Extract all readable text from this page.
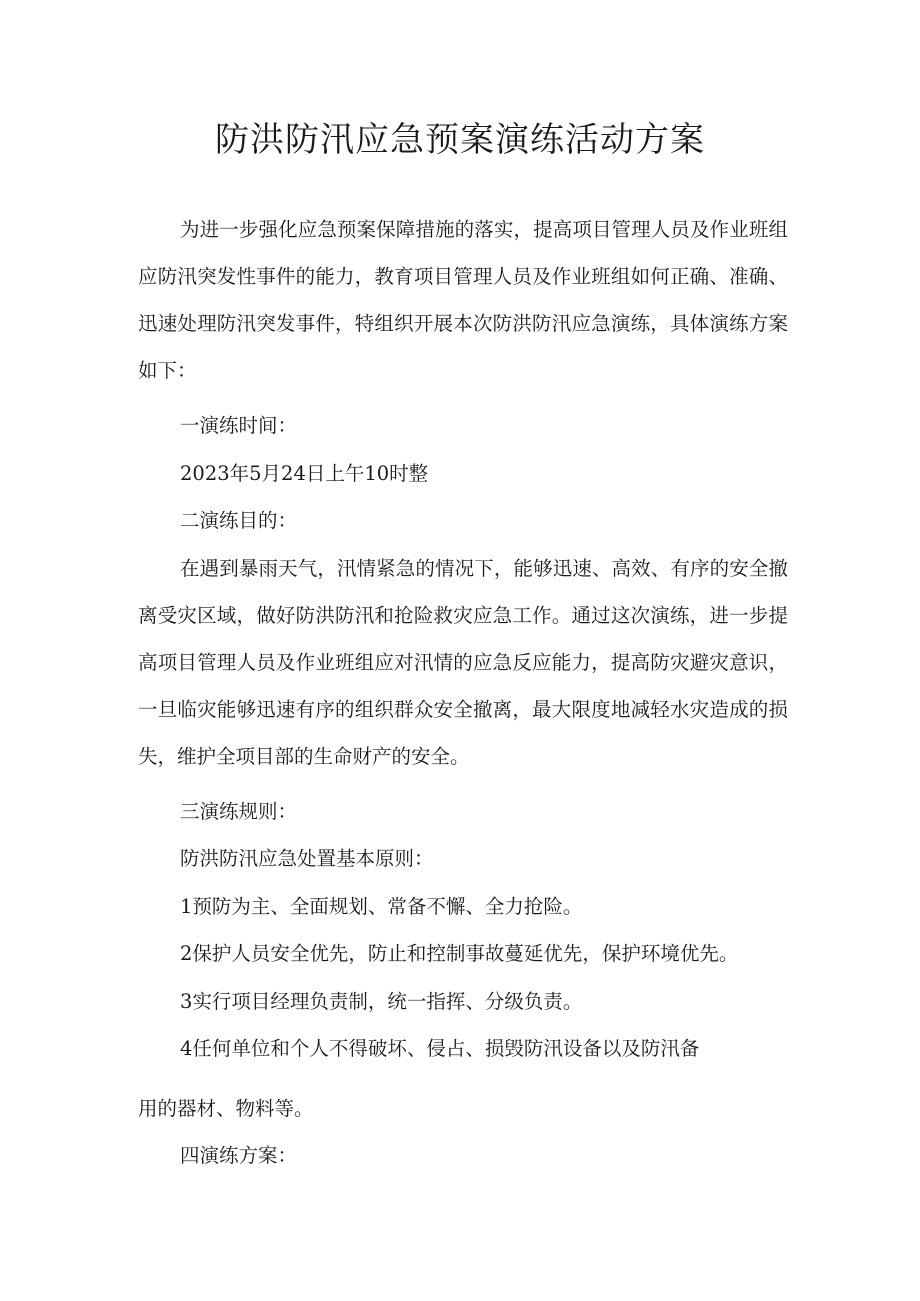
防洪防汛应急预案演练活动方案

为进一步强化应急预案保障措施的落实，提高项目管理人员及作业班组应防汛突发性事件的能力，教育项目管理人员及作业班组如何正确、准确、迅速处理防汛突发事件，特组织开展本次防洪防汛应急演练，具体演练方案如下：

一演练时间：

2023年5月24日上午10时整

二演练目的：

在遇到暴雨天气，汛情紧急的情况下，能够迅速、高效、有序的安全撤离受灾区域，做好防洪防汛和抢险救灾应急工作。通过这次演练，进一步提高项目管理人员及作业班组应对汛情的应急反应能力，提高防灾避灾意识，一旦临灾能够迅速有序的组织群众安全撤离，最大限度地减轻水灾造成的损失，维护全项目部的生命财产的安全。

三演练规则：

防洪防汛应急处置基本原则：

1预防为主、全面规划、常备不懈、全力抢险。

2保护人员安全优先，防止和控制事故蔓延优先，保护环境优先。

3实行项目经理负责制，统一指挥、分级负责。

4任何单位和个人不得破坏、侵占、损毁防汛设备以及防汛备

用的器材、物料等。

四演练方案：
